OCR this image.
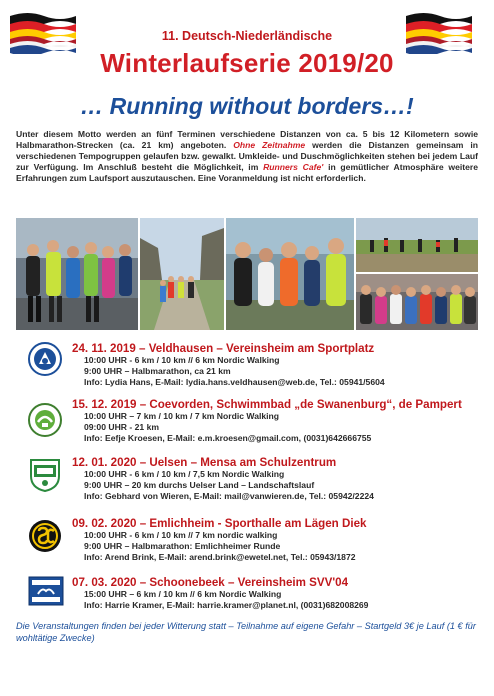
11. Deutsch-Niederländische
Winterlaufserie 2019/20
… Running without borders…!
Unter diesem Motto werden an fünf Terminen verschiedene Distanzen von ca. 5 bis 12 Kilometern sowie Halbmarathon-Strecken (ca. 21 km) angeboten. Ohne Zeitnahme werden die Distanzen gemeinsam in verschiedenen Tempogruppen gelaufen bzw. gewalkt. Umkleide- und Duschmöglichkeiten stehen bei jedem Lauf zur Verfügung. Im Anschluß besteht die Möglichkeit, im Runners Cafe' in gemütlicher Atmosphäre weitere Erfahrungen zum Laufsport auszutauschen. Eine Voranmeldung ist nicht erforderlich.
24. 11. 2019 – Veldhausen – Vereinsheim am Sportplatz
10:00 UHR - 6 km / 10 km // 6 km Nordic Walking
9:00 UHR – Halbmarathon, ca 21 km
Info: Lydia Hans, E-Mail: lydia.hans.veldhausen@web.de, Tel.: 05941/5604
15. 12. 2019 – Coevorden, Schwimmbad „de Swanenburg“, de Pampert
10:00 UHR – 7 km / 10 km / 7 km Nordic Walking
09:00 UHR - 21 km
Info: Eefje Kroesen, E-Mail: e.m.kroesen@gmail.com, (0031)642666755
12. 01. 2020 – Uelsen – Mensa am Schulzentrum
10:00 UHR - 6 km / 10 km / 7,5 km Nordic Walking
9:00 UHR – 20 km durchs Uelser Land – Landschaftslauf
Info: Gebhard von Wieren, E-Mail: mail@vanwieren.de, Tel.: 05942/2224
09. 02. 2020 – Emlichheim - Sporthalle am Lägen Diek
10:00 UHR - 6 km / 10 km // 7 km nordic walking
9:00 UHR – Halbmarathon: Emlichheimer Runde
Info: Arend Brink, E-Mail: arend.brink@ewetel.net, Tel.: 05943/1872
07. 03. 2020 – Schoonebeek – Vereinsheim SVV'04
15:00 UHR – 6 km / 10 km // 6 km Nordic Walking
Info: Harrie Kramer, E-Mail: harrie.kramer@planet.nl, (0031)682008269
Die Veranstaltungen finden bei jeder Witterung statt – Teilnahme auf eigene Gefahr – Startgeld 3€ je Lauf (1 € für wohltätige Zwecke)
